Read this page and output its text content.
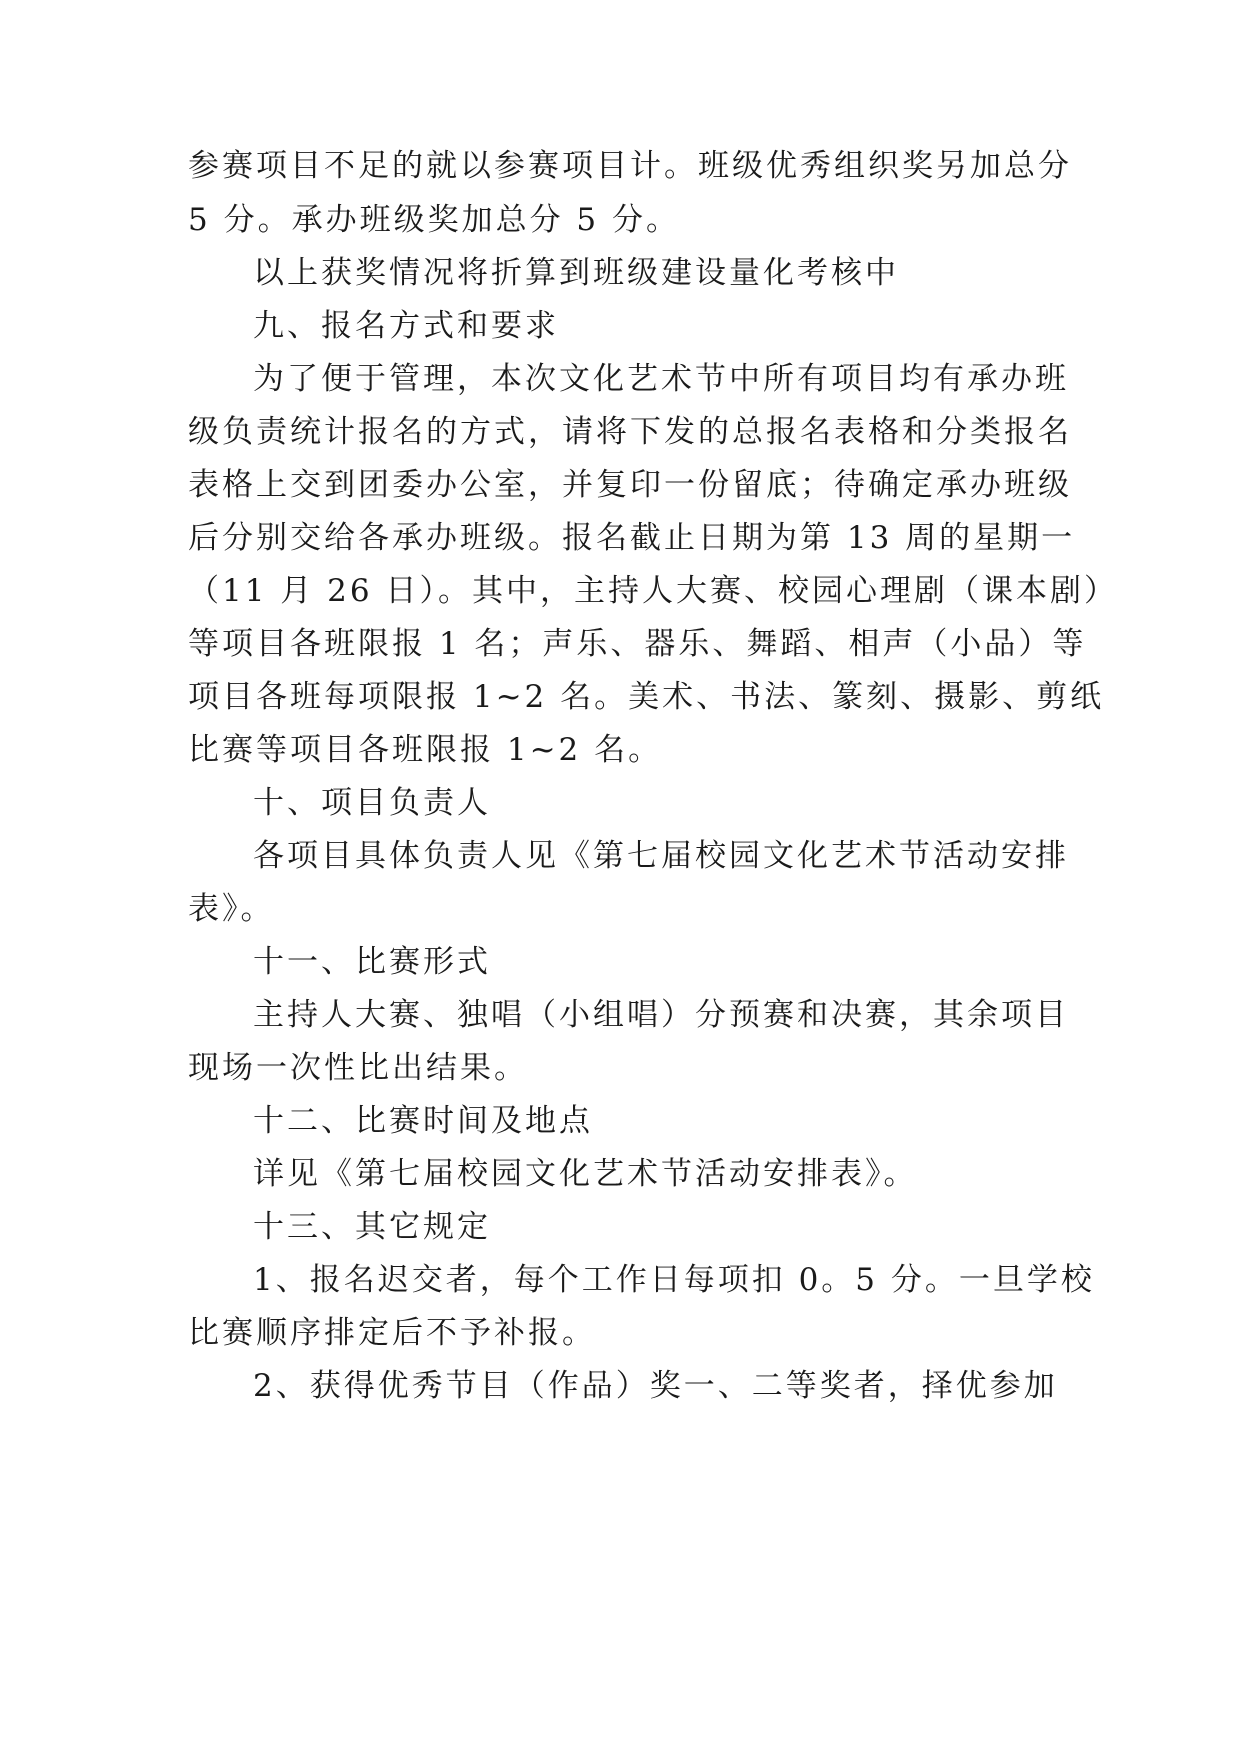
参赛项目不足的就以参赛项目计。班级优秀组织奖另加总分
5 分。承办班级奖加总分 5 分。
以上获奖情况将折算到班级建设量化考核中
九、报名方式和要求
为了便于管理，本次文化艺术节中所有项目均有承办班
级负责统计报名的方式，请将下发的总报名表格和分类报名
表格上交到团委办公室，并复印一份留底；待确定承办班级
后分别交给各承办班级。报名截止日期为第 13 周的星期一
（11 月 26 日）。其中，主持人大赛、校园心理剧（课本剧）
等项目各班限报 1 名；声乐、器乐、舞蹈、相声（小品）等
项目各班每项限报 1~2 名。美术、书法、篆刻、摄影、剪纸
比赛等项目各班限报 1~2 名。
十、项目负责人
各项目具体负责人见《第七届校园文化艺术节活动安排
表》。
十一、比赛形式
主持人大赛、独唱（小组唱）分预赛和决赛，其余项目
现场一次性比出结果。
十二、比赛时间及地点
详见《第七届校园文化艺术节活动安排表》。
十三、其它规定
1、报名迟交者，每个工作日每项扣 0。5 分。一旦学校
比赛顺序排定后不予补报。
2、获得优秀节目（作品）奖一、二等奖者，择优参加
